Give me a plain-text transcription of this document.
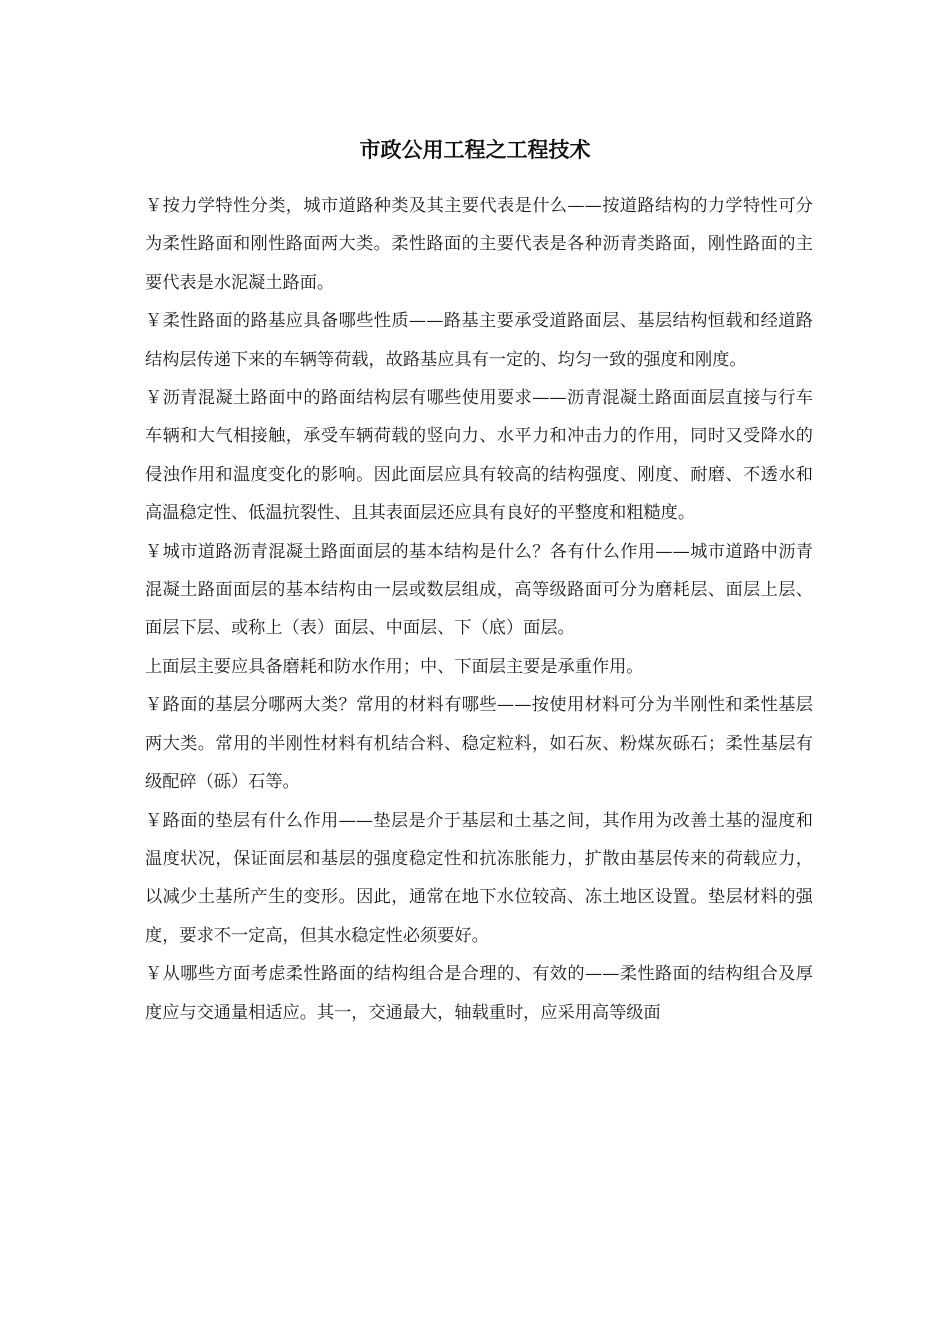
市政公用工程之工程技术

￥按力学特性分类，城市道路种类及其主要代表是什么——按道路结构的力学特性可分为柔性路面和刚性路面两大类。柔性路面的主要代表是各种沥青类路面，刚性路面的主要代表是水泥凝土路面。

￥柔性路面的路基应具备哪些性质——路基主要承受道路面层、基层结构恒载和经道路结构层传递下来的车辆等荷载，故路基应具有一定的、均匀一致的强度和刚度。

￥沥青混凝土路面中的路面结构层有哪些使用要求——沥青混凝土路面面层直接与行车车辆和大气相接触，承受车辆荷载的竖向力、水平力和冲击力的作用，同时又受降水的侵浊作用和温度变化的影响。因此面层应具有较高的结构强度、刚度、耐磨、不透水和高温稳定性、低温抗裂性、且其表面层还应具有良好的平整度和粗糙度。

￥城市道路沥青混凝土路面面层的基本结构是什么？各有什么作用——城市道路中沥青混凝土路面面层的基本结构由一层或数层组成，高等级路面可分为磨耗层、面层上层、面层下层、或称上（表）面层、中面层、下（底）面层。

上面层主要应具备磨耗和防水作用；中、下面层主要是承重作用。

￥路面的基层分哪两大类？常用的材料有哪些——按使用材料可分为半刚性和柔性基层两大类。常用的半刚性材料有机结合料、稳定粒料，如石灰、粉煤灰砾石；柔性基层有级配碎（砾）石等。

￥路面的垫层有什么作用——垫层是介于基层和土基之间，其作用为改善土基的湿度和温度状况，保证面层和基层的强度稳定性和抗冻胀能力，扩散由基层传来的荷载应力，以减少土基所产生的变形。因此，通常在地下水位较高、冻土地区设置。垫层材料的强度，要求不一定高，但其水稳定性必须要好。

￥从哪些方面考虑柔性路面的结构组合是合理的、有效的——柔性路面的结构组合及厚度应与交通量相适应。其一，交通最大，轴载重时，应采用高等级面
